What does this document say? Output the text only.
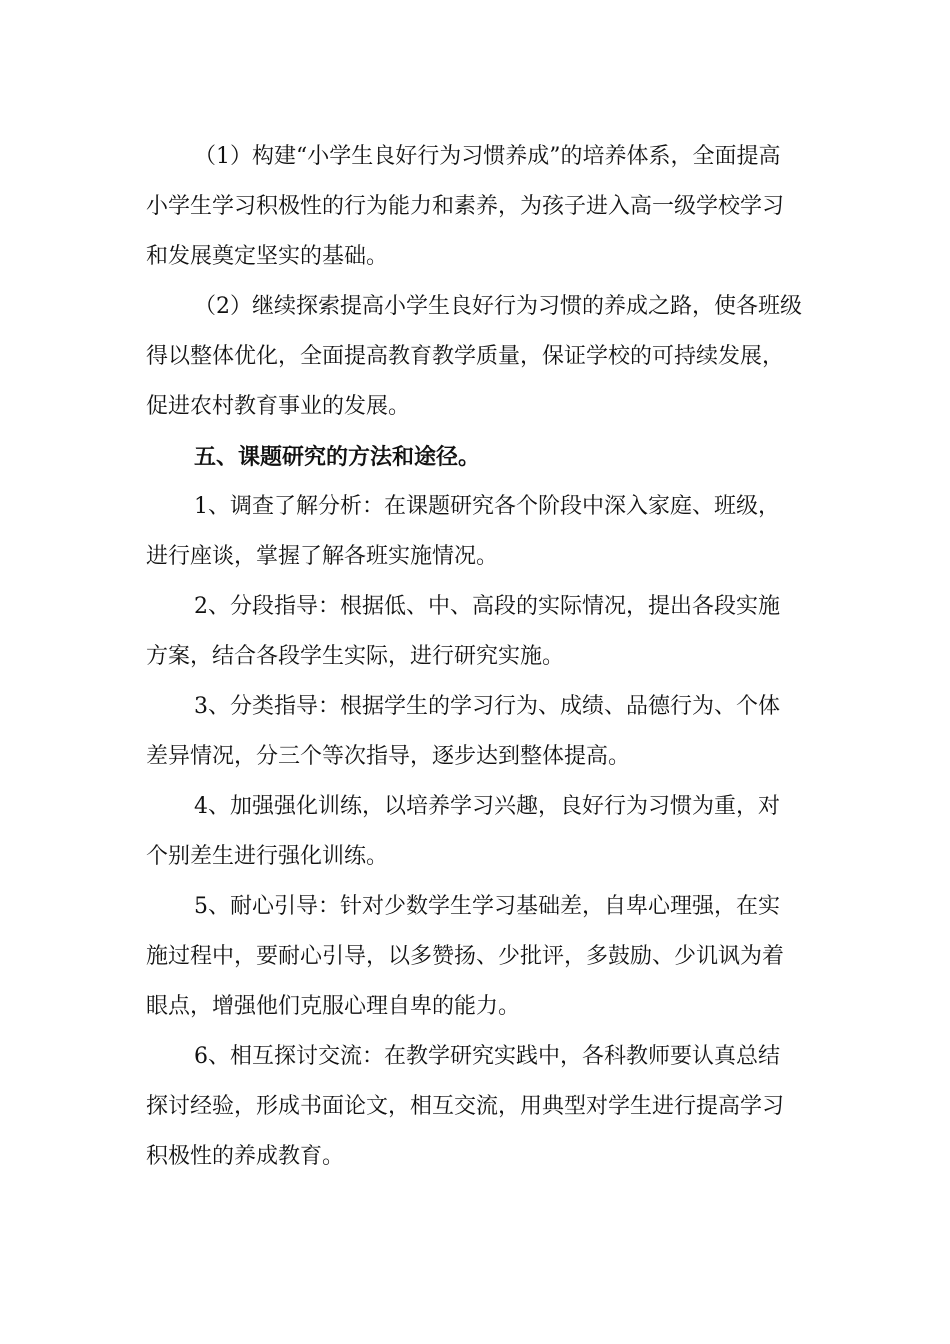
（1）构建“小学生良好行为习惯养成”的培养体系，全面提高
小学生学习积极性的行为能力和素养，为孩子进入高一级学校学习
和发展奠定坚实的基础。
（2）继续探索提高小学生良好行为习惯的养成之路，使各班级
得以整体优化，全面提高教育教学质量，保证学校的可持续发展，
促进农村教育事业的发展。
五、课题研究的方法和途径。
1、调查了解分析：在课题研究各个阶段中深入家庭、班级，
进行座谈，掌握了解各班实施情况。
2、分段指导：根据低、中、高段的实际情况，提出各段实施
方案，结合各段学生实际，进行研究实施。
3、分类指导：根据学生的学习行为、成绩、品德行为、个体
差异情况，分三个等次指导，逐步达到整体提高。
4、加强强化训练，以培养学习兴趣，良好行为习惯为重，对
个别差生进行强化训练。
5、耐心引导：针对少数学生学习基础差，自卑心理强，在实
施过程中，要耐心引导，以多赞扬、少批评，多鼓励、少讥讽为着
眼点，增强他们克服心理自卑的能力。
6、相互探讨交流：在教学研究实践中，各科教师要认真总结
探讨经验，形成书面论文，相互交流，用典型对学生进行提高学习
积极性的养成教育。
